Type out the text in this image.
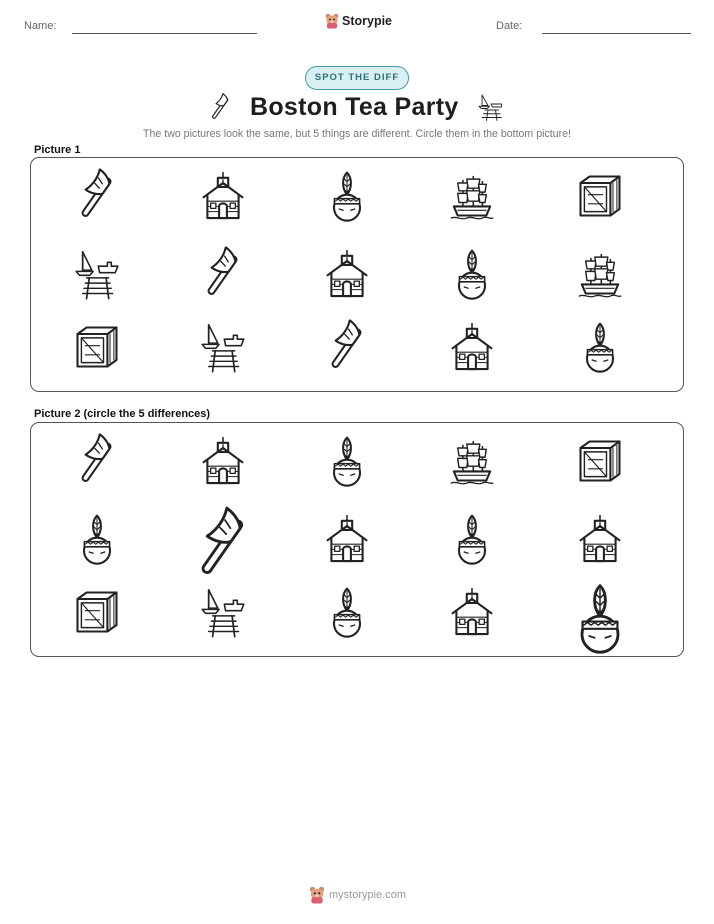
Name:	Storypie	Date:
SPOT THE DIFF
Boston Tea Party
The two pictures look the same, but 5 things are different. Circle them in the bottom picture!
Picture 1
Picture 2 (circle the 5 differences)
mystorypie.com
